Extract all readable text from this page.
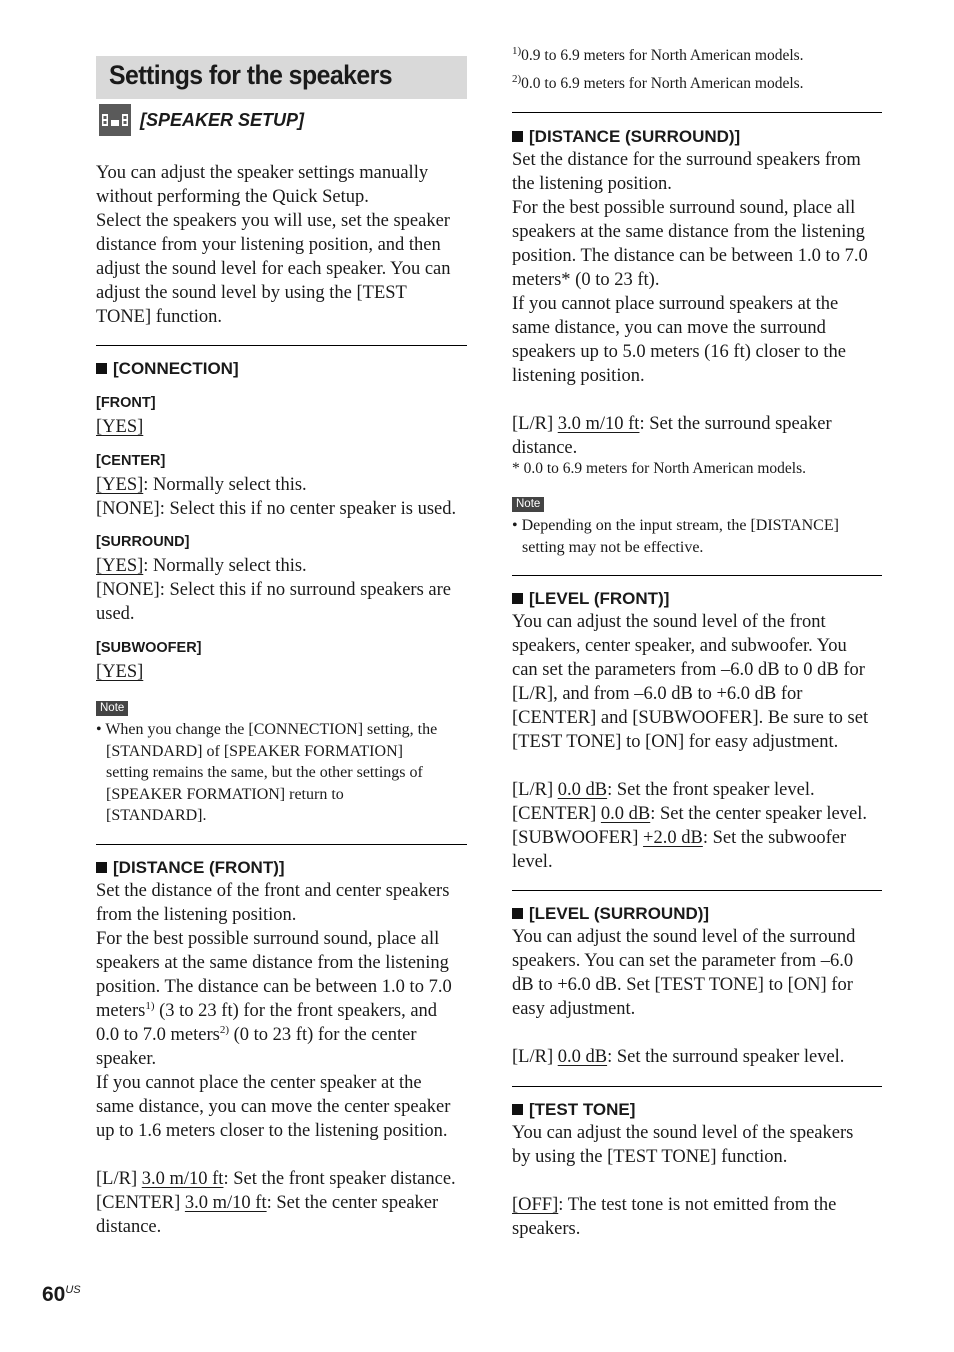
Settings for the speakers
[SPEAKER SETUP]
You can adjust the speaker settings manually
without performing the Quick Setup.
Select the speakers you will use, set the speaker
distance from your listening position, and then
adjust the sound level for each speaker. You can
adjust the sound level by using the [TEST
TONE] function.
[CONNECTION]
[FRONT]
[YES]
[CENTER]
[YES]: Normally select this.
[NONE]: Select this if no center speaker is used.
[SURROUND]
[YES]: Normally select this.
[NONE]: Select this if no surround speakers are
used.
[SUBWOOFER]
[YES]
Note
• When you change the [CONNECTION] setting, the
[STANDARD] of [SPEAKER FORMATION]
setting remains the same, but the other settings of
[SPEAKER FORMATION] return to
[STANDARD].
[DISTANCE (FRONT)]
Set the distance of the front and center speakers
from the listening position.
For the best possible surround sound, place all
speakers at the same distance from the listening
position. The distance can be between 1.0 to 7.0
meters$^{1)}$ (3 to 23 ft) for the front speakers, and
0.0 to 7.0 meters$^{2)}$ (0 to 23 ft) for the center
speaker.
If you cannot place the center speaker at the
same distance, you can move the center speaker
up to 1.6 meters closer to the listening position.

[L/R] 3.0 m/10 ft: Set the front speaker distance.
[CENTER] 3.0 m/10 ft: Set the center speaker
distance.
$^{1)}$0.9 to 6.9 meters for North American models.
$^{2)}$0.0 to 6.9 meters for North American models.
[DISTANCE (SURROUND)]
Set the distance for the surround speakers from
the listening position.
For the best possible surround sound, place all
speakers at the same distance from the listening
position. The distance can be between 1.0 to 7.0
meters* (0 to 23 ft).
If you cannot place surround speakers at the
same distance, you can move the surround
speakers up to 5.0 meters (16 ft) closer to the
listening position.

[L/R] 3.0 m/10 ft: Set the surround speaker
distance.
* 0.0 to 6.9 meters for North American models.
Note
• Depending on the input stream, the [DISTANCE]
setting may not be effective.
[LEVEL (FRONT)]
You can adjust the sound level of the front
speakers, center speaker, and subwoofer. You
can set the parameters from –6.0 dB to 0 dB for
[L/R], and from –6.0 dB to +6.0 dB for
[CENTER] and [SUBWOOFER]. Be sure to set
[TEST TONE] to [ON] for easy adjustment.

[L/R] 0.0 dB: Set the front speaker level.
[CENTER] 0.0 dB: Set the center speaker level.
[SUBWOOFER] +2.0 dB: Set the subwoofer
level.
[LEVEL (SURROUND)]
You can adjust the sound level of the surround
speakers. You can set the parameter from –6.0
dB to +6.0 dB. Set [TEST TONE] to [ON] for
easy adjustment.

[L/R] 0.0 dB: Set the surround speaker level.
[TEST TONE]
You can adjust the sound level of the speakers
by using the [TEST TONE] function.

[OFF]: The test tone is not emitted from the
speakers.
$60^{US}$
